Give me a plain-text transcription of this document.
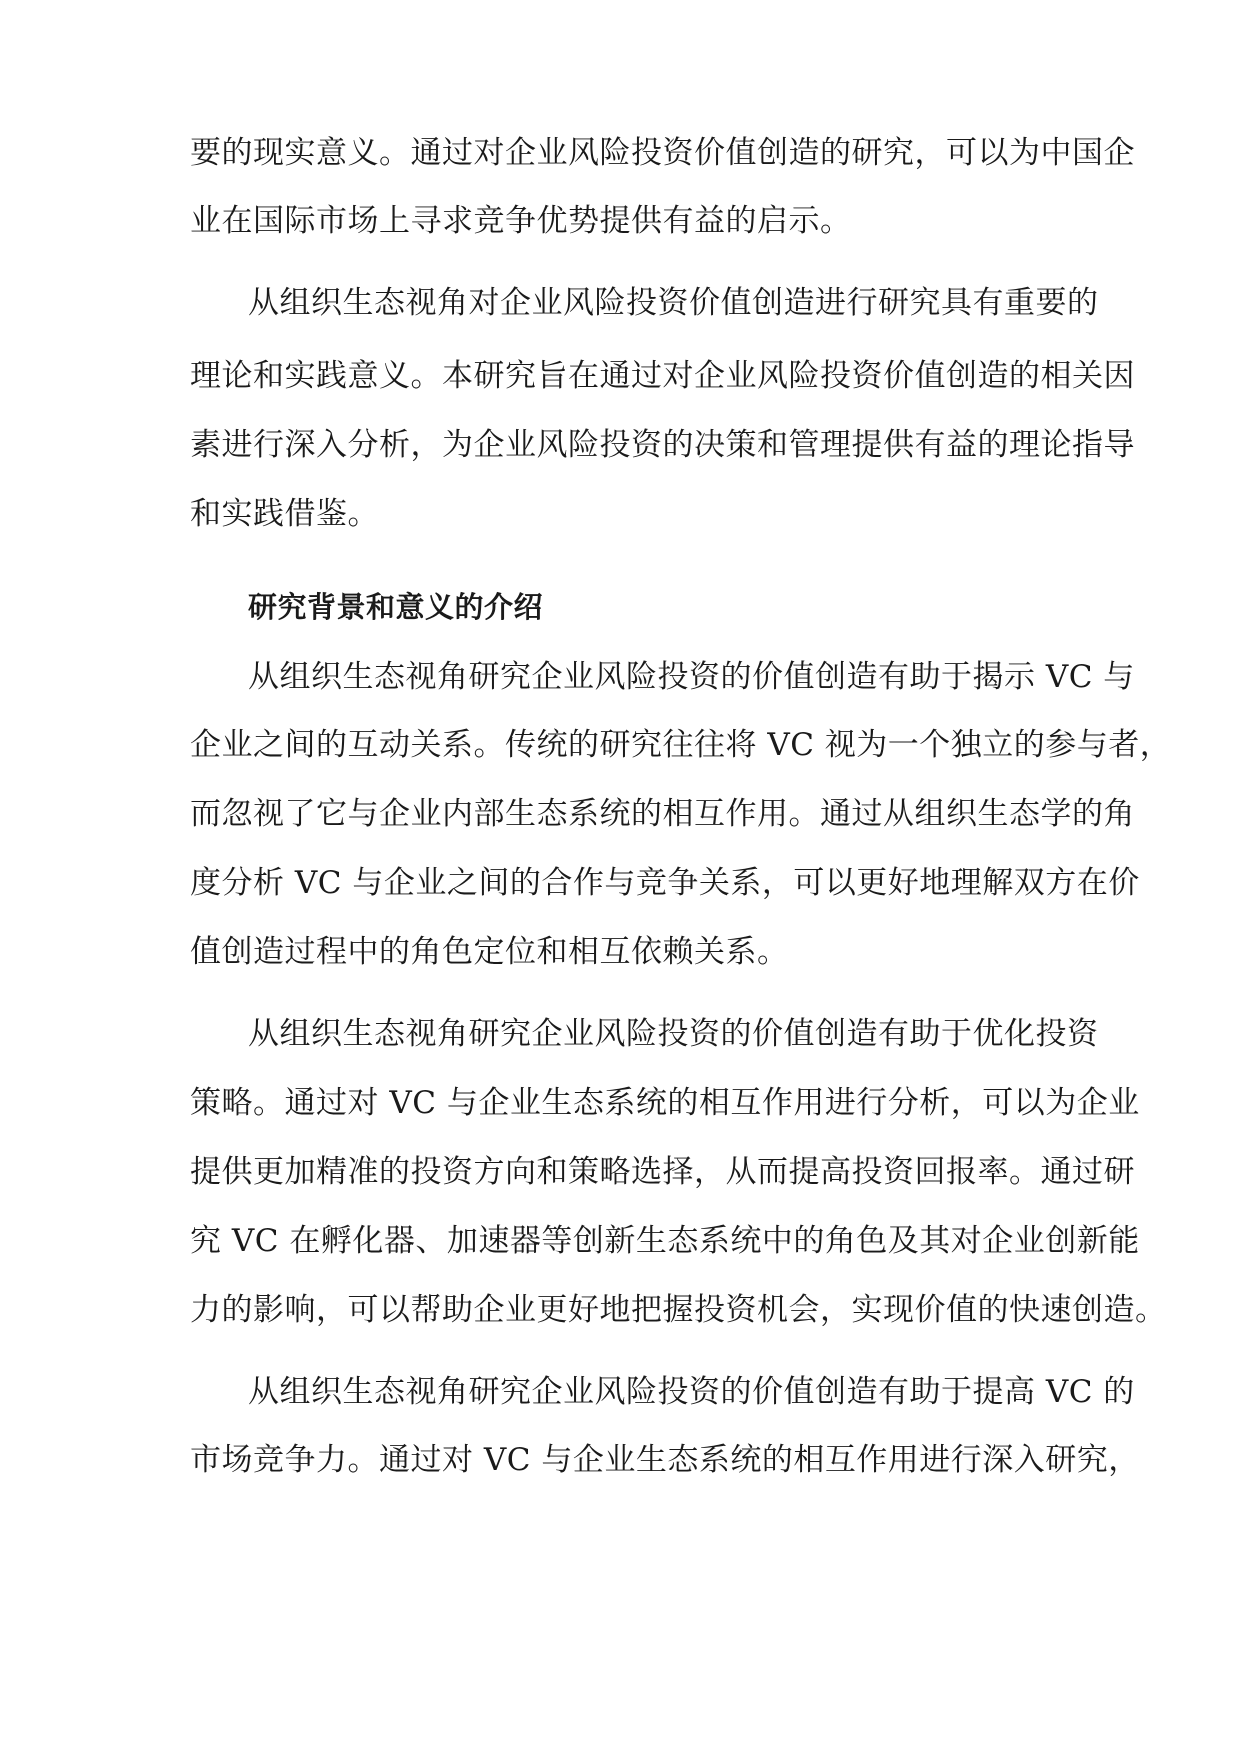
要的现实意义。通过对企业风险投资价值创造的研究，可以为中国企
业在国际市场上寻求竞争优势提供有益的启示。
从组织生态视角对企业风险投资价值创造进行研究具有重要的
理论和实践意义。本研究旨在通过对企业风险投资价值创造的相关因
素进行深入分析，为企业风险投资的决策和管理提供有益的理论指导
和实践借鉴。
研究背景和意义的介绍
从组织生态视角研究企业风险投资的价值创造有助于揭示 VC 与
企业之间的互动关系。传统的研究往往将 VC 视为一个独立的参与者，
而忽视了它与企业内部生态系统的相互作用。通过从组织生态学的角
度分析 VC 与企业之间的合作与竞争关系，可以更好地理解双方在价
值创造过程中的角色定位和相互依赖关系。
从组织生态视角研究企业风险投资的价值创造有助于优化投资
策略。通过对 VC 与企业生态系统的相互作用进行分析，可以为企业
提供更加精准的投资方向和策略选择，从而提高投资回报率。通过研
究 VC 在孵化器、加速器等创新生态系统中的角色及其对企业创新能
力的影响，可以帮助企业更好地把握投资机会，实现价值的快速创造。
从组织生态视角研究企业风险投资的价值创造有助于提高 VC 的
市场竞争力。通过对 VC 与企业生态系统的相互作用进行深入研究，
